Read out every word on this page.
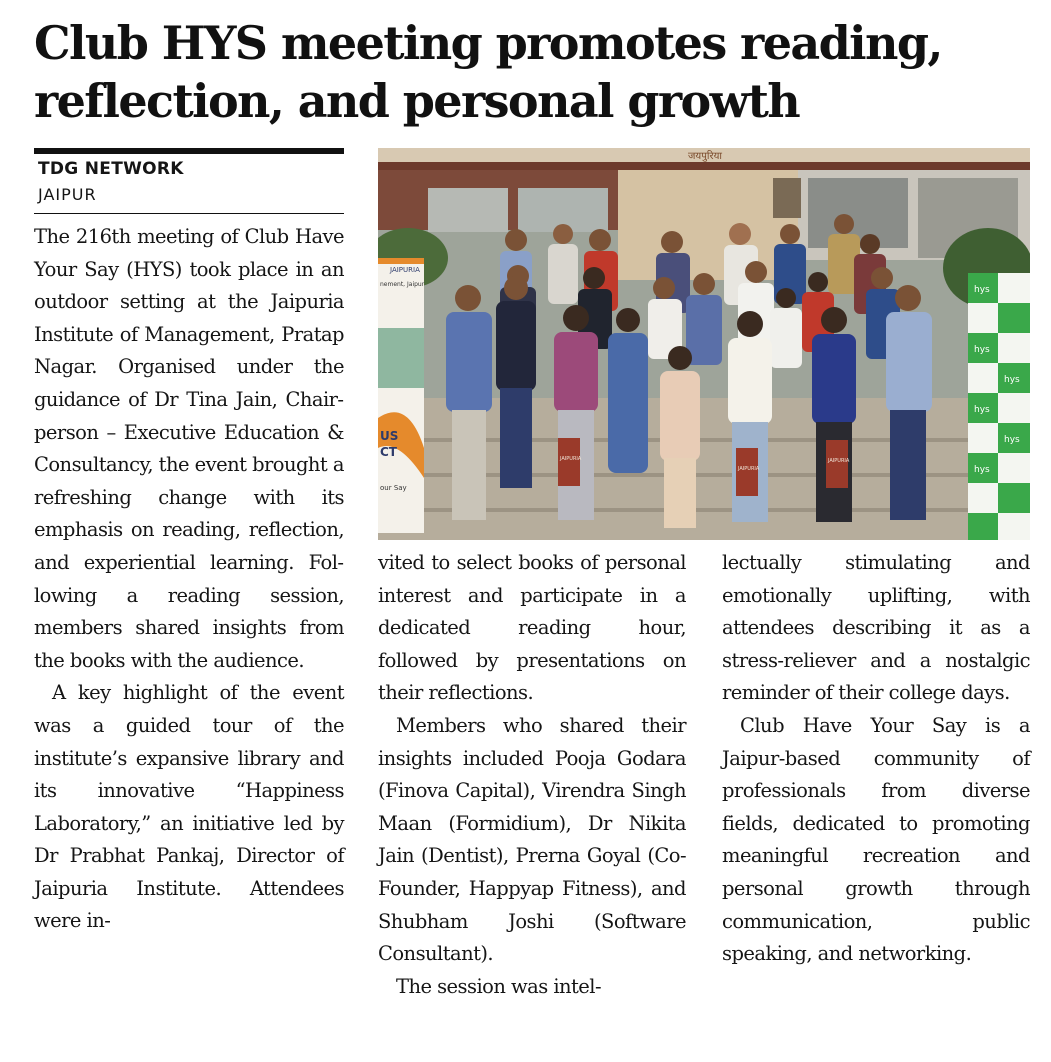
Club HYS meeting promotes reading,
reflection, and personal growth
TDG NETWORK
JAIPUR

The 216th meeting of Club Have Your Say (HYS) took place in an outdoor setting at the Jaipuria Institute of Management, Pratap Nagar. Organised under the guidance of Dr Tina Jain, Chairperson – Executive Education & Consultancy, the event brought a refreshing change with its emphasis on reading, reflection, and experiential learning. Following a reading session, members shared insights from the books with the audience.

A key highlight of the event was a guided tour of the institute’s expansive library and its innovative “Happiness Laboratory,” an initiative led by Dr Prabhat Pankaj, Director of Jaipuria Institute. Attendees were in-

vited to select books of personal interest and participate in a dedicated reading hour, followed by presentations on their reflections.

Members who shared their insights included Pooja Godara (Finova Capital), Virendra Singh Maan (Formidium), Dr Nikita Jain (Dentist), Prerna Goyal (Co-Founder, Happyap Fitness), and Shubham Joshi (Software Consultant).

The session was intel-

lectually stimulating and emotionally uplifting, with attendees describing it as a stress-reliever and a nostalgic reminder of their college days.

Club Have Your Say is a Jaipur-based community of professionals from diverse fields, dedicated to promoting meaningful recreation and personal growth through communication, public speaking, and networking.

जयपुरिया
JAIPURIA
nement, Jaipur
US
CT
our Say
hys
hys
hys
hys
hys
hys
JAIPURIA
JAIPURIA
JAIPURIA
